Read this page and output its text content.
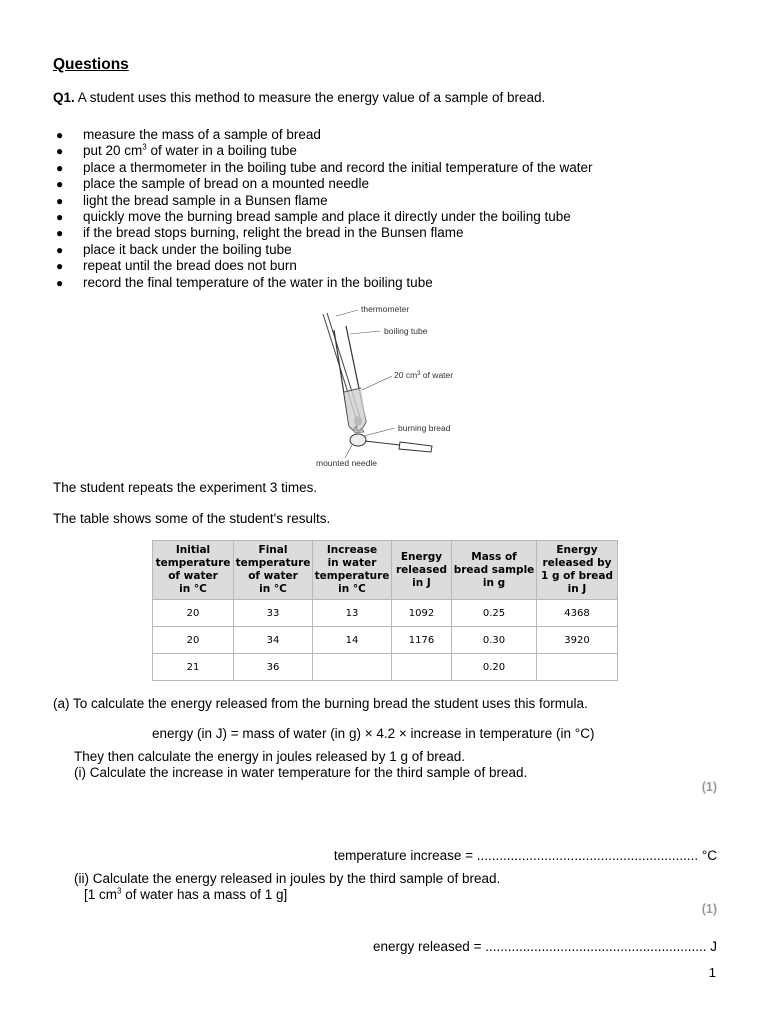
Questions
Q1. A student uses this method to measure the energy value of a sample of bread.
● measure the mass of a sample of bread
● put 20 $cm^3$ of water in a boiling tube
● place a thermometer in the boiling tube and record the initial temperature of the water
● place the sample of bread on a mounted needle
● light the bread sample in a Bunsen flame
● quickly move the burning bread sample and place it directly under the boiling tube
● if the bread stops burning, relight the bread in the Bunsen flame
● place it back under the boiling tube
● repeat until the bread does not burn
● record the final temperature of the water in the boiling tube
thermometer
boiling tube
20 $cm^3$ of water
burning bread
mounted needle
The student repeats the experiment 3 times.
The table shows some of the student's results.
Initial
temperature
of water
in °C	Final
temperature
of water
in °C	Increase
in water
temperature
in °C	Energy
released
in J	Mass of
bread sample
in g	Energy
released by
1 g of bread
in J
20	33	13	1092	0.25	4368
20	34	14	1176	0.30	3920
21	36			0.20	
(a) To calculate the energy released from the burning bread the student uses this formula.
energy (in J) = mass of water (in g) × 4.2 × increase in temperature (in °C)
They then calculate the energy in joules released by 1 g of bread.
(i) Calculate the increase in water temperature for the third sample of bread.
(1)
temperature increase = ........................................................... °C
(ii) Calculate the energy released in joules by the third sample of bread.
[1 $cm^3$ of water has a mass of 1 g]
(1)
energy released = ........................................................... J
1
